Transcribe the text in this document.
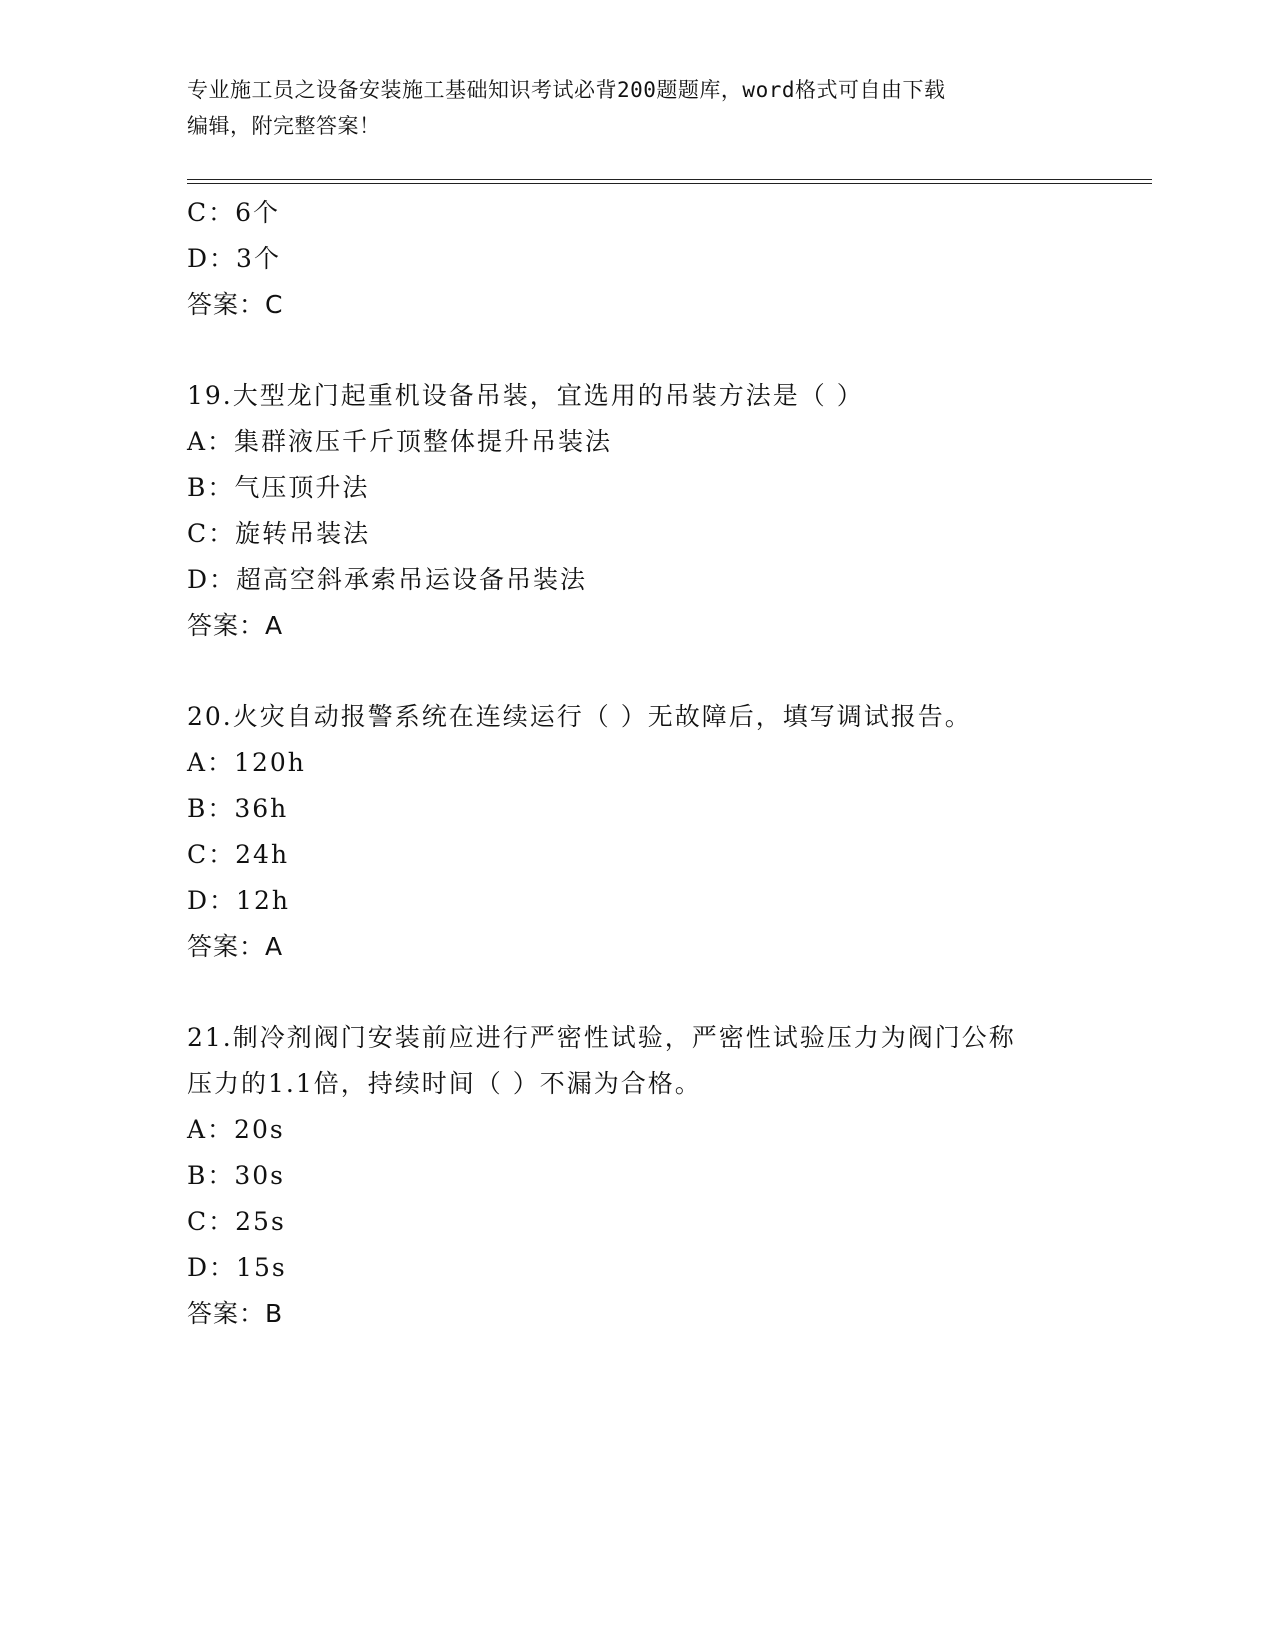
专业施工员之设备安装施工基础知识考试必背200题题库，word格式可自由下载
编辑，附完整答案！
C：6个
D：3个
答案：C
19.大型龙门起重机设备吊装，宜选用的吊装方法是（ ）
A：集群液压千斤顶整体提升吊装法
B：气压顶升法
C：旋转吊装法
D：超高空斜承索吊运设备吊装法
答案：A
20.火灾自动报警系统在连续运行（ ）无故障后，填写调试报告。
A：120h
B：36h
C：24h
D：12h
答案：A
21.制冷剂阀门安装前应进行严密性试验，严密性试验压力为阀门公称
压力的1.1倍，持续时间（ ）不漏为合格。
A：20s
B：30s
C：25s
D：15s
答案：B
